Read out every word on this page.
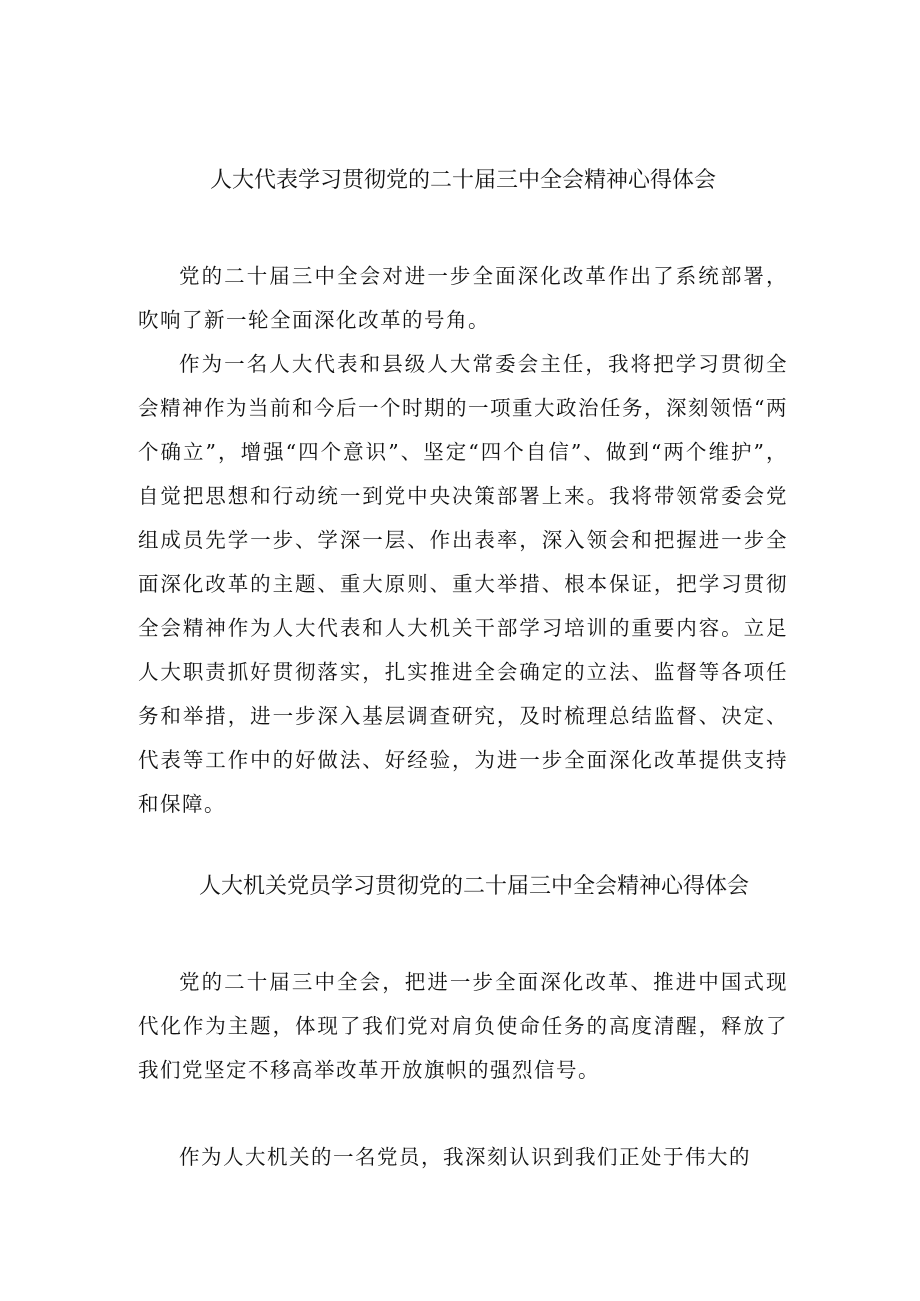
人大代表学习贯彻党的二十届三中全会精神心得体会

党的二十届三中全会对进一步全面深化改革作出了系统部署，吹响了新一轮全面深化改革的号角。

作为一名人大代表和县级人大常委会主任，我将把学习贯彻全会精神作为当前和今后一个时期的一项重大政治任务，深刻领悟“两个确立”，增强“四个意识”、坚定“四个自信”、做到“两个维护”，自觉把思想和行动统一到党中央决策部署上来。我将带领常委会党组成员先学一步、学深一层、作出表率，深入领会和把握进一步全面深化改革的主题、重大原则、重大举措、根本保证，把学习贯彻全会精神作为人大代表和人大机关干部学习培训的重要内容。立足人大职责抓好贯彻落实，扎实推进全会确定的立法、监督等各项任务和举措，进一步深入基层调查研究，及时梳理总结监督、决定、代表等工作中的好做法、好经验，为进一步全面深化改革提供支持和保障。

人大机关党员学习贯彻党的二十届三中全会精神心得体会

党的二十届三中全会，把进一步全面深化改革、推进中国式现代化作为主题，体现了我们党对肩负使命任务的高度清醒，释放了我们党坚定不移高举改革开放旗帜的强烈信号。

作为人大机关的一名党员，我深刻认识到我们正处于伟大的
